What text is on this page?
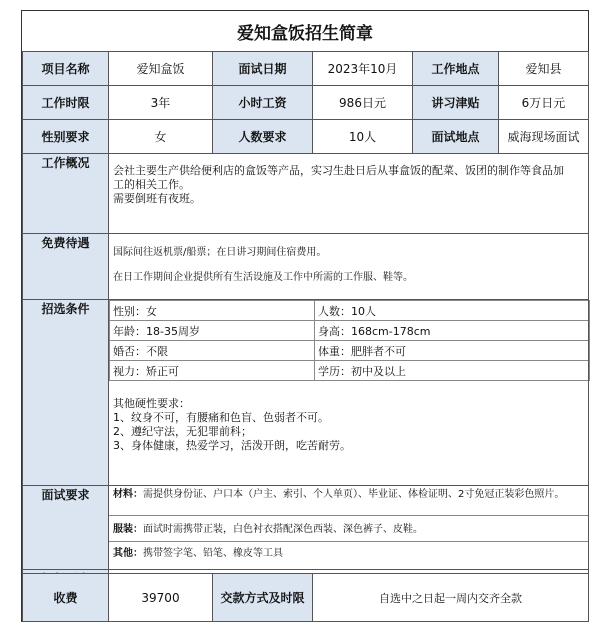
爱知盒饭招生简章
项目名称	爱知盒饭	面试日期	2023年10月	工作地点	爱知县
工作时限	3年	小时工资	986日元	讲习津贴	6万日元
性别要求	女	人数要求	10人	面试地点	威海现场面试
工作概况	
会社主要生产供给便利店的盒饭等产品，实习生赴日后从事盒饭的配菜、饭团的制作等食品加
工的相关工作。
需要倒班有夜班。

免费待遇	
国际间往返机票/船票；在日讲习期间住宿费用。
在日工作期间企业提供所有生活设施及工作中所需的工作服、鞋等。

招选条件	性别：女	人数：10人
年龄：18-35周岁	身高：168cm-178cm
婚否：不限	体重：肥胖者不可
视力：矫正可	学历：初中及以上
其他硬性要求：
1、纹身不可，有腰痛和色盲、色弱者不可。
2、遵纪守法，无犯罪前科；
3、身体健康，热爱学习，活泼开朗，吃苦耐劳。

面试要求	材料：需提供身份证、户口本（户主、索引、个人单页）、毕业证、体检证明、2寸免冠正装彩色照片。
服装：面试时需携带正装，白色衬衣搭配深色西装、深色裤子、皮鞋。
其他：携带签字笔、铅笔、橡皮等工具

收费	39700	交款方式及时限	自选中之日起一周内交齐全款
